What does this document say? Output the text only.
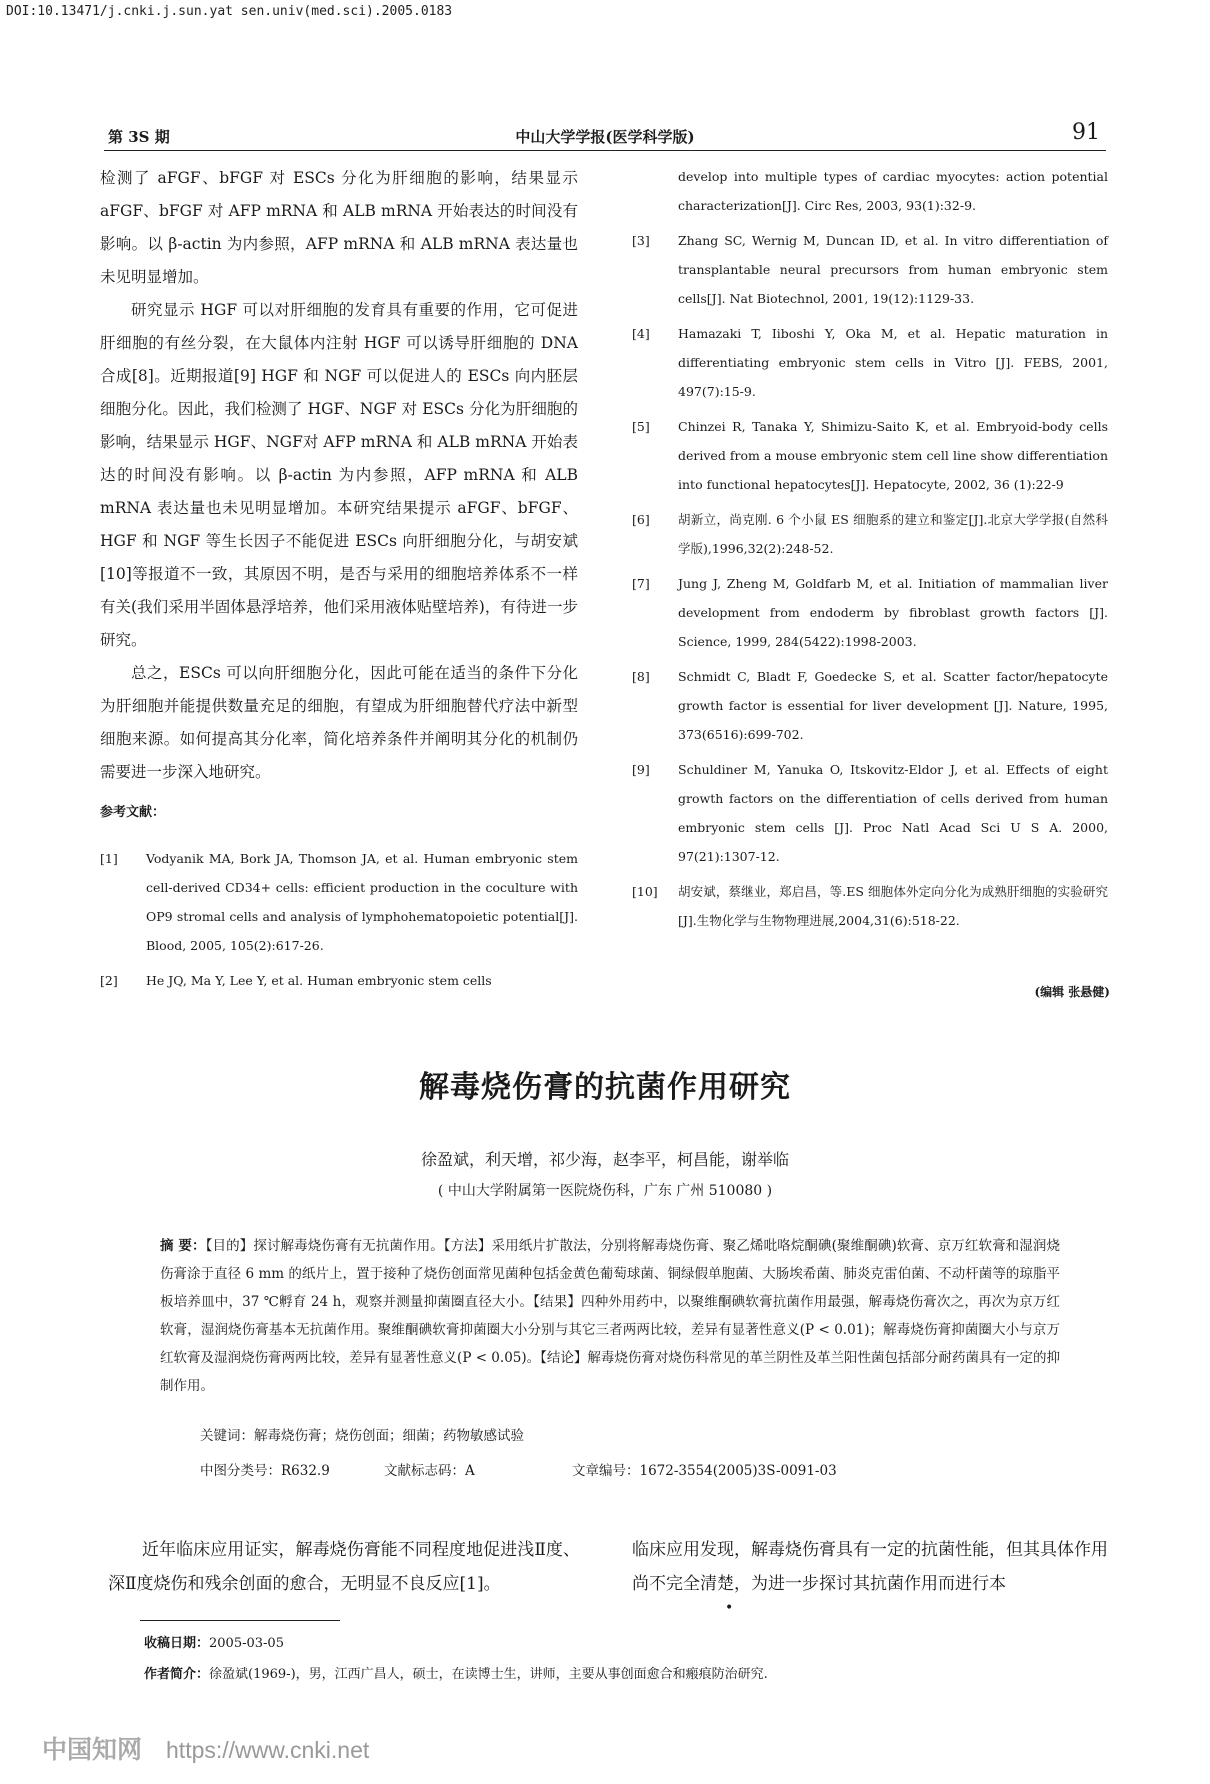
DOI:10.13471/j.cnki.j.sun.yat sen.univ(med.sci).2005.0183
第 3S 期	中山大学学报(医学科学版)	91

检测了 aFGF、bFGF 对 ESCs 分化为肝细胞的影响，结果显示 aFGF、bFGF 对 AFP mRNA 和 ALB mRNA 开始表达的时间没有影响。以 β-actin 为内参照，AFP mRNA 和 ALB mRNA 表达量也未见明显增加。

研究显示 HGF 可以对肝细胞的发育具有重要的作用，它可促进肝细胞的有丝分裂，在大鼠体内注射 HGF 可以诱导肝细胞的 DNA 合成[8]。近期报道[9] HGF 和 NGF 可以促进人的 ESCs 向内胚层细胞分化。因此，我们检测了 HGF、NGF 对 ESCs 分化为肝细胞的影响，结果显示 HGF、NGF对 AFP mRNA 和 ALB mRNA 开始表达的时间没有影响。以 β-actin 为内参照，AFP mRNA 和 ALB mRNA 表达量也未见明显增加。本研究结果提示 aFGF、bFGF、HGF 和 NGF 等生长因子不能促进 ESCs 向肝细胞分化，与胡安斌[10]等报道不一致，其原因不明，是否与采用的细胞培养体系不一样有关(我们采用半固体悬浮培养，他们采用液体贴壁培养)，有待进一步研究。

总之，ESCs 可以向肝细胞分化，因此可能在适当的条件下分化为肝细胞并能提供数量充足的细胞，有望成为肝细胞替代疗法中新型细胞来源。如何提高其分化率，简化培养条件并阐明其分化的机制仍需要进一步深入地研究。

参考文献：
[1]	Vodyanik MA, Bork JA, Thomson JA, et al. Human embryonic stem cell-derived CD34+ cells: efficient production in the coculture with OP9 stromal cells and analysis of lymphohematopoietic potential[J]. Blood, 2005, 105(2):617-26.
[2]	He JQ, Ma Y, Lee Y, et al. Human embryonic stem cells
develop into multiple types of cardiac myocytes: action potential characterization[J]. Circ Res, 2003, 93(1):32-9.
[3]	Zhang SC, Wernig M, Duncan ID, et al. In vitro differentiation of transplantable neural precursors from human embryonic stem cells[J]. Nat Biotechnol, 2001, 19(12):1129-33.
[4]	Hamazaki T, Iiboshi Y, Oka M, et al. Hepatic maturation in differentiating embryonic stem cells in Vitro [J]. FEBS, 2001, 497(7):15-9.
[5]	Chinzei R, Tanaka Y, Shimizu-Saito K, et al. Embryoid-body cells derived from a mouse embryonic stem cell line show differentiation into functional hepatocytes[J]. Hepatocyte, 2002, 36 (1):22-9
[6]	胡新立，尚克刚. 6 个小鼠 ES 细胞系的建立和鉴定[J].北京大学学报(自然科学版),1996,32(2):248-52.
[7]	Jung J, Zheng M, Goldfarb M, et al. Initiation of mammalian liver development from endoderm by fibroblast growth factors [J]. Science, 1999, 284(5422):1998-2003.
[8]	Schmidt C, Bladt F, Goedecke S, et al. Scatter factor/hepatocyte growth factor is essential for liver development [J]. Nature, 1995, 373(6516):699-702.
[9]	Schuldiner M, Yanuka O, Itskovitz-Eldor J, et al. Effects of eight growth factors on the differentiation of cells derived from human embryonic stem cells [J]. Proc Natl Acad Sci U S A. 2000, 97(21):1307-12.
[10]	胡安斌，蔡继业，郑启昌，等.ES 细胞体外定向分化为成熟肝细胞的实验研究[J].生物化学与生物物理进展,2004,31(6):518-22.
(编辑 张悬健)
解毒烧伤膏的抗菌作用研究
徐盈斌，利天增，祁少海，赵李平，柯昌能，谢举临
( 中山大学附属第一医院烧伤科，广东 广州 510080 )

摘 要：【目的】探讨解毒烧伤膏有无抗菌作用。【方法】采用纸片扩散法，分别将解毒烧伤膏、聚乙烯吡咯烷酮碘(聚维酮碘)软膏、京万红软膏和湿润烧伤膏涂于直径 6 mm 的纸片上，置于接种了烧伤创面常见菌种包括金黄色葡萄球菌、铜绿假单胞菌、大肠埃希菌、肺炎克雷伯菌、不动杆菌等的琼脂平板培养皿中，37 ℃孵育 24 h，观察并测量抑菌圈直径大小。【结果】四种外用药中，以聚维酮碘软膏抗菌作用最强，解毒烧伤膏次之，再次为京万红软膏，湿润烧伤膏基本无抗菌作用。聚维酮碘软膏抑菌圈大小分别与其它三者两两比较，差异有显著性意义(P < 0.01)；解毒烧伤膏抑菌圈大小与京万红软膏及湿润烧伤膏两两比较，差异有显著性意义(P < 0.05)。【结论】解毒烧伤膏对烧伤科常见的革兰阴性及革兰阳性菌包括部分耐药菌具有一定的抑制作用。

关键词：解毒烧伤膏；烧伤创面；细菌；药物敏感试验
中图分类号：R632.9	文献标志码：A	文章编号：1672-3554(2005)3S-0091-03

近年临床应用证实，解毒烧伤膏能不同程度地促进浅Ⅱ度、深Ⅱ度烧伤和残余创面的愈合，无明显不良反应[1]。

临床应用发现，解毒烧伤膏具有一定的抗菌性能，但其具体作用尚不完全清楚，为进一步探讨其抗菌作用而进行本

•
收稿日期：2005-03-05
作者简介：徐盈斌(1969-)，男，江西广昌人，硕士，在读博士生，讲师，主要从事创面愈合和瘢痕防治研究.
中国知网 https://www.cnki.net
